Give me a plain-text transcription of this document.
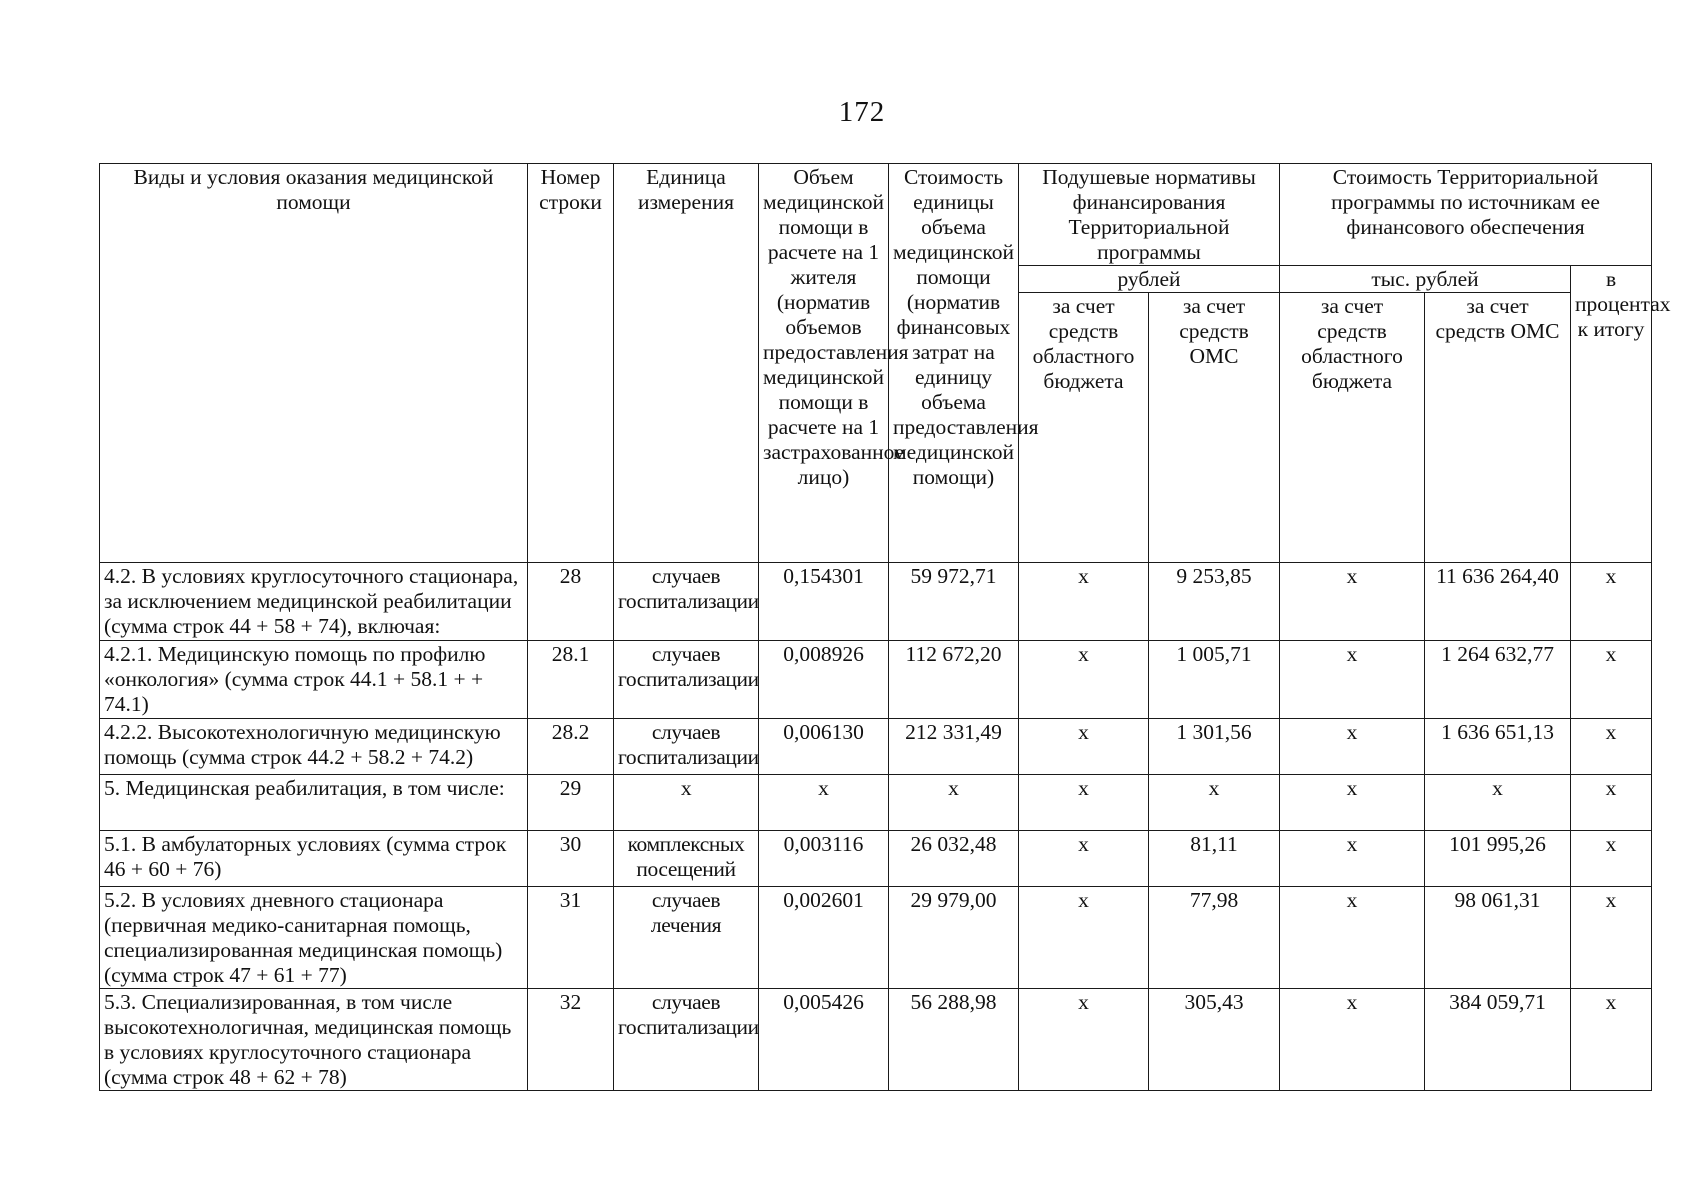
172
Виды и условия оказания медицинской помощи	Номер строки	Единица измерения	Объем медицинской помощи в расчете на 1 жителя (норматив объемов предоставления медицинской помощи в расчете на 1 застрахованное лицо)	Стоимость единицы объема медицинской помощи (норматив финансовых затрат на единицу объема предоставления медицинской помощи)	Подушевые нормативы финансирования Территориальной программы		Стоимость Территориальной программы по источникам ее финансового обеспечения		
					рублей		тыс. рублей		в процентах к итогу
					за счет средств областного бюджета	за счет средств ОМС	за счет средств областного бюджета	за счет средств ОМС	
4.2. В условиях круглосуточного стационара, за исключением медицинской реабилитации (сумма строк 44 + 58 + 74), включая:	28	случаев госпитализации	0,154301	59 972,71	x	9 253,85	x	11 636 264,40	x
4.2.1. Медицинскую помощь по профилю «онкология» (сумма строк 44.1 + 58.1 + + 74.1)	28.1	случаев госпитализации	0,008926	112 672,20	x	1 005,71	x	1 264 632,77	x
4.2.2. Высокотехнологичную медицинскую помощь (сумма строк 44.2 + 58.2 + 74.2)	28.2	случаев госпитализации	0,006130	212 331,49	x	1 301,56	x	1 636 651,13	x
5. Медицинская реабилитация, в том числе:	29	x	x	x	x	x	x	x	x
5.1. В амбулаторных условиях (сумма строк 46 + 60 + 76)	30	комплексных посещений	0,003116	26 032,48	x	81,11	x	101 995,26	x
5.2. В условиях дневного стационара (первичная медико-санитарная помощь, специализированная медицинская помощь) (сумма строк 47 + 61 + 77)	31	случаев лечения	0,002601	29 979,00	x	77,98	x	98 061,31	x
5.3. Специализированная, в том числе высокотехнологичная, медицинская помощь в условиях круглосуточного стационара (сумма строк 48 + 62 + 78)	32	случаев госпитализации	0,005426	56 288,98	x	305,43	x	384 059,71	x
